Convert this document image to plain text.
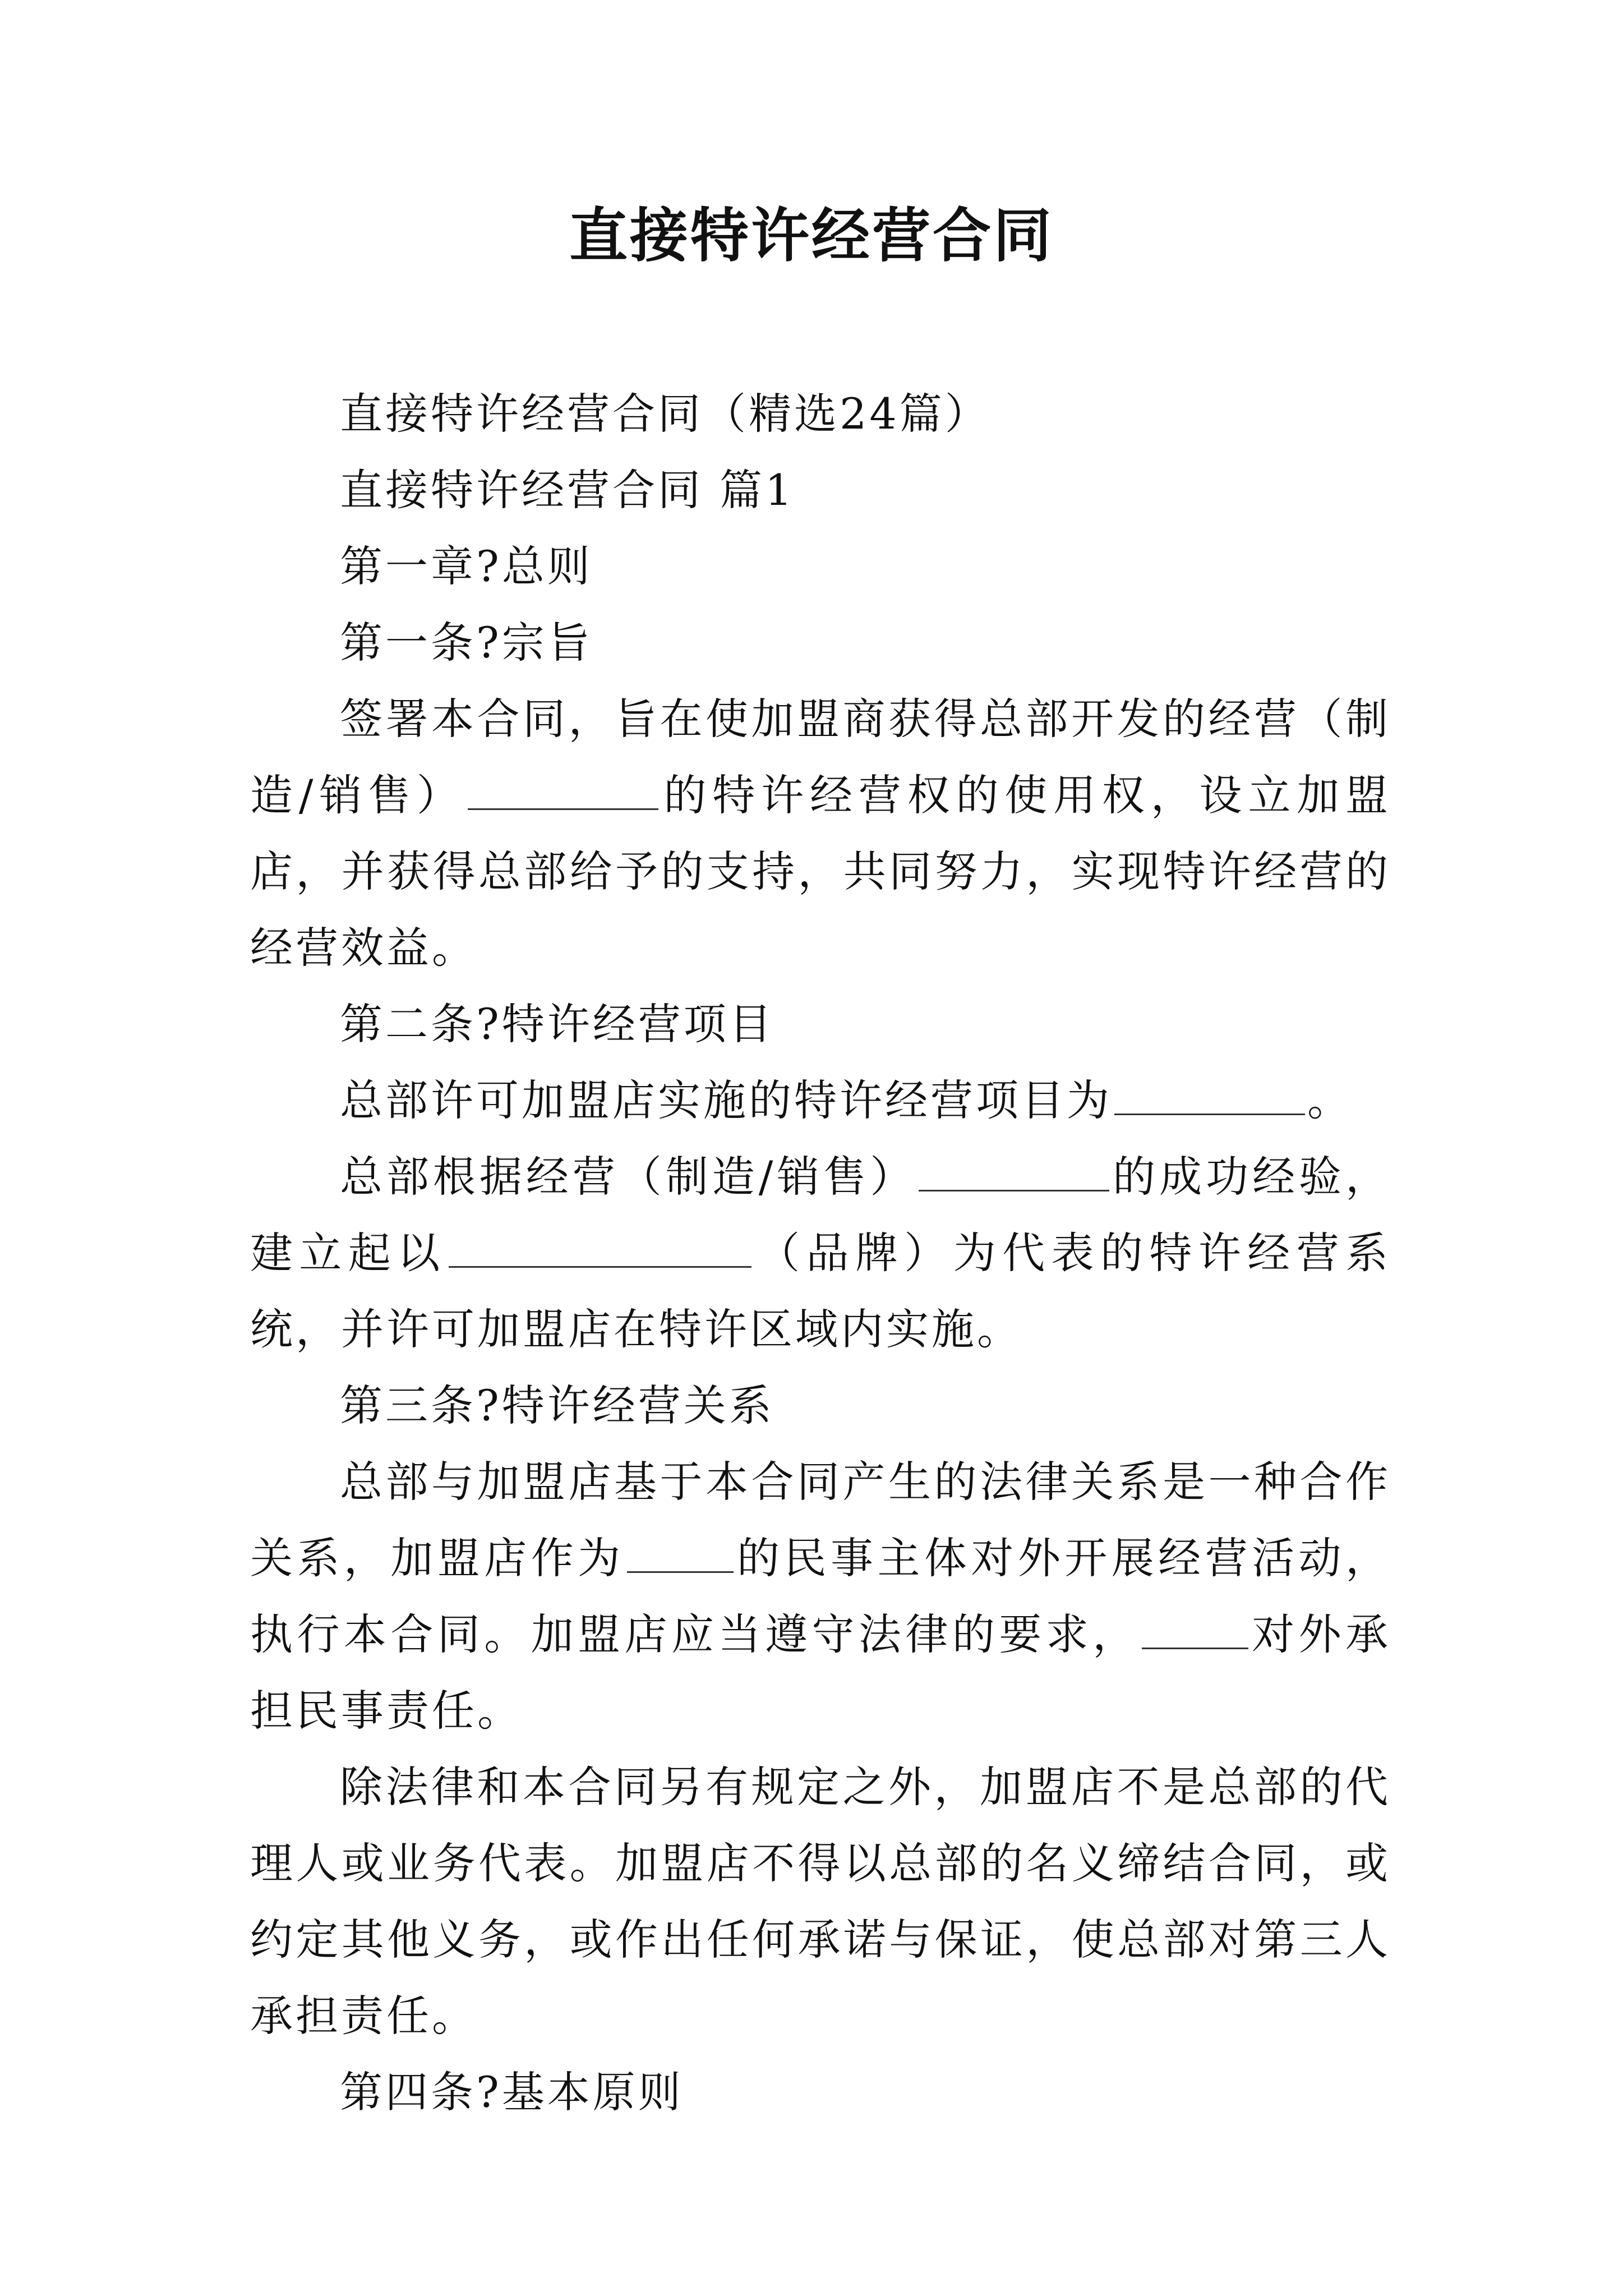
直接特许经营合同

直接特许经营合同（精选24篇）

直接特许经营合同 篇1

第一章?总则

第一条?宗旨

签署本合同，旨在使加盟商获得总部开发的经营（制造/销售）	的特许经营权的使用权，设立加盟店，并获得总部给予的支持，共同努力，实现特许经营的经营效益。

第二条?特许经营项目

总部许可加盟店实施的特许经营项目为	。

总部根据经营（制造/销售）	的成功经验，建立起以	（品牌）为代表的特许经营系统，并许可加盟店在特许区域内实施。

第三条?特许经营关系

总部与加盟店基于本合同产生的法律关系是一种合作关系，加盟店作为	的民事主体对外开展经营活动，执行本合同。加盟店应当遵守法律的要求，	对外承担民事责任。

除法律和本合同另有规定之外，加盟店不是总部的代理人或业务代表。加盟店不得以总部的名义缔结合同，或约定其他义务，或作出任何承诺与保证，使总部对第三人承担责任。

第四条?基本原则
